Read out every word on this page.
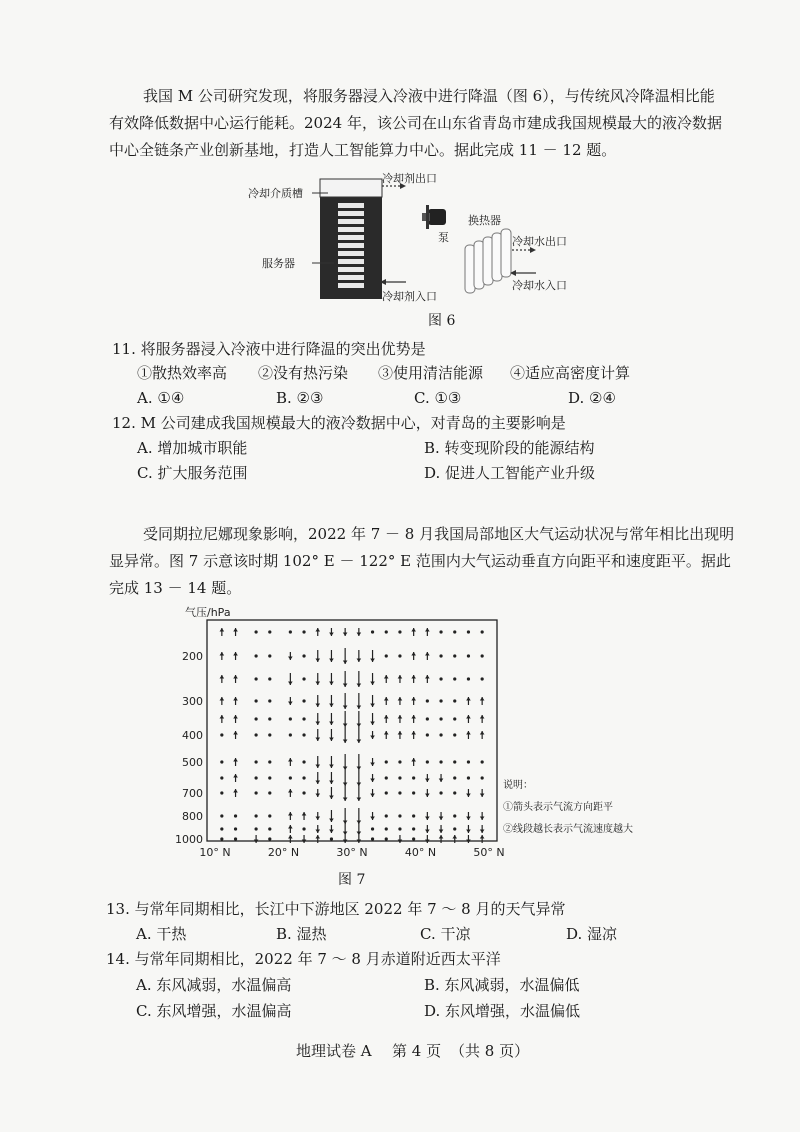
我国 M 公司研究发现，将服务器浸入冷液中进行降温（图 6），与传统风冷降温相比能
有效降低数据中心运行能耗。2024 年，该公司在山东省青岛市建成我国规模最大的液冷数据
中心全链条产业创新基地，打造人工智能算力中心。据此完成 11 － 12 题。
冷却介质槽
服务器
冷却剂出口
冷却剂入口
泵
换热器
冷却水出口
冷却水入口
图 6
11. 将服务器浸入冷液中进行降温的突出优势是
①散热效率高 ②没有热污染 ③使用清洁能源 ④适应高密度计算
A. ①④	B. ②③	C. ①③	D. ②④
12. M 公司建成我国规模最大的液冷数据中心，对青岛的主要影响是
A. 增加城市职能	B. 转变现阶段的能源结构
C. 扩大服务范围	D. 促进人工智能产业升级
受同期拉尼娜现象影响，2022 年 7 － 8 月我国局部地区大气运动状况与常年相比出现明
显异常。图 7 示意该时期 102° E － 122° E 范围内大气运动垂直方向距平和速度距平。据此
完成 13 － 14 题。
气压/hPa
200
300
400
500
700
800
1000
10° N	20° N	30° N	40° N	50° N
说明：
①箭头表示气流方向距平
②线段越长表示气流速度越大
图 7
13. 与常年同期相比，长江中下游地区 2022 年 7 ～ 8 月的天气异常
A. 干热	B. 湿热	C. 干凉	D. 湿凉
14. 与常年同期相比，2022 年 7 ～ 8 月赤道附近西太平洋
A. 东风减弱，水温偏高	B. 东风减弱，水温偏低
C. 东风增强，水温偏高	D. 东风增强，水温偏低
地理试卷 A 第 4 页 （共 8 页）
